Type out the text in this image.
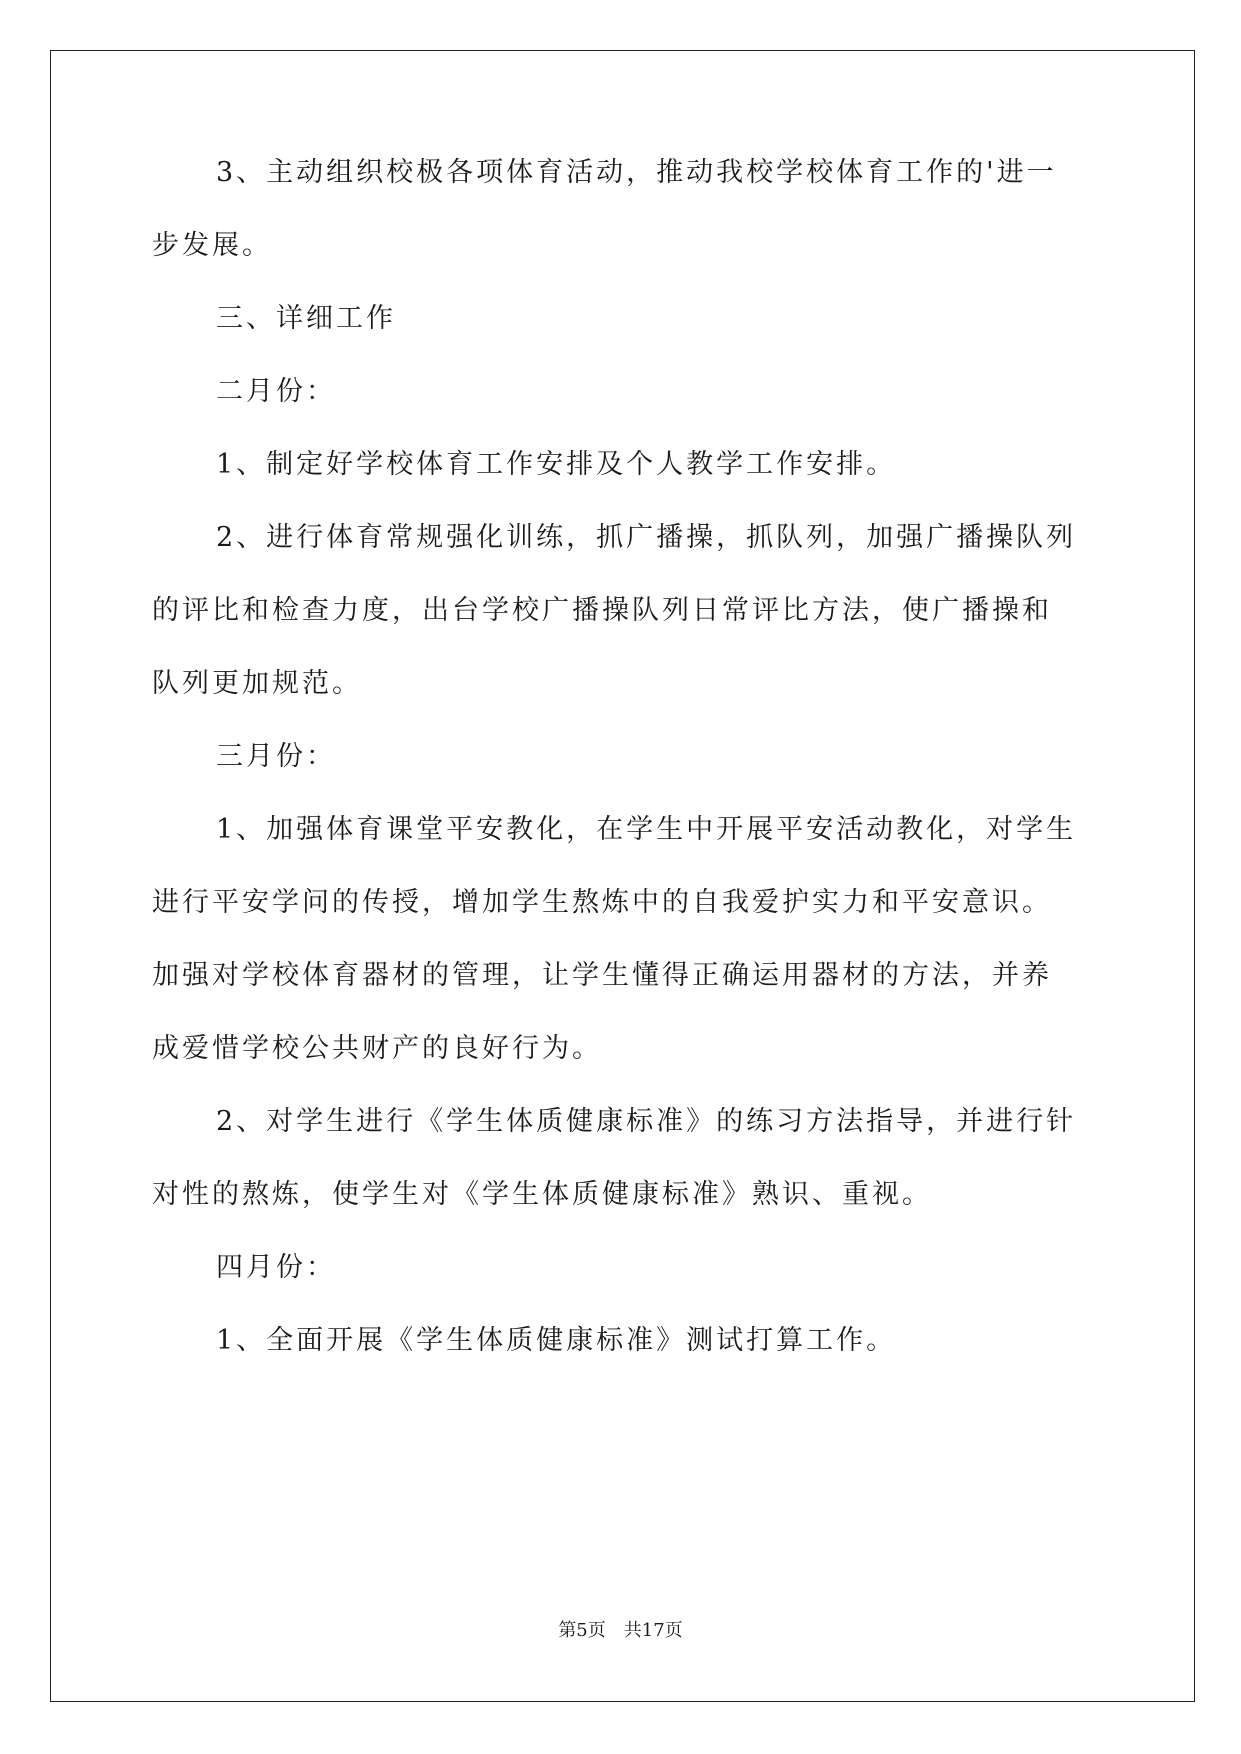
3、主动组织校极各项体育活动，推动我校学校体育工作的'进一
步发展。
三、详细工作
二月份：
1、制定好学校体育工作安排及个人教学工作安排。
2、进行体育常规强化训练，抓广播操，抓队列，加强广播操队列
的评比和检查力度，出台学校广播操队列日常评比方法，使广播操和
队列更加规范。
三月份：
1、加强体育课堂平安教化，在学生中开展平安活动教化，对学生
进行平安学问的传授，增加学生熬炼中的自我爱护实力和平安意识。
加强对学校体育器材的管理，让学生懂得正确运用器材的方法，并养
成爱惜学校公共财产的良好行为。
2、对学生进行《学生体质健康标准》的练习方法指导，并进行针
对性的熬炼，使学生对《学生体质健康标准》熟识、重视。
四月份：
1、全面开展《学生体质健康标准》测试打算工作。
第5页　共17页
